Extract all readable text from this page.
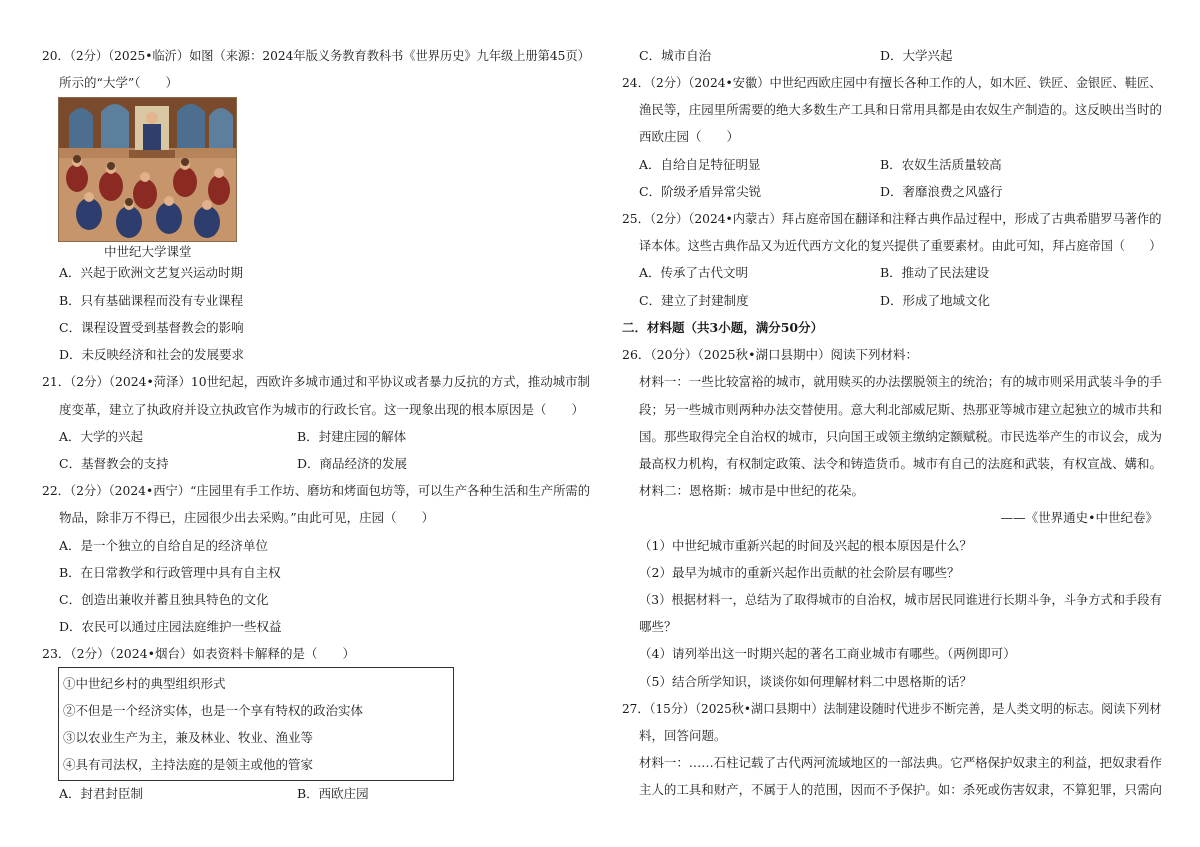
20．（2分）（2025•临沂）如图（来源：2024年版义务教育教科书《世界历史》九年级上册第45页）
所示的“大学”（　　）
中世纪大学课堂
A．兴起于欧洲文艺复兴运动时期
B．只有基础课程而没有专业课程
C．课程设置受到基督教会的影响
D．未反映经济和社会的发展要求
21．（2分）（2024•菏泽）10世纪起，西欧许多城市通过和平协议或者暴力反抗的方式，推动城市制
度变革，建立了执政府并设立执政官作为城市的行政长官。这一现象出现的根本原因是（　　）
A．大学的兴起	B．封建庄园的解体
C．基督教会的支持	D．商品经济的发展
22．（2分）（2024•西宁）“庄园里有手工作坊、磨坊和烤面包坊等，可以生产各种生活和生产所需的
物品，除非万不得已，庄园很少出去采购。”由此可见，庄园（　　）
A．是一个独立的自给自足的经济单位
B．在日常教学和行政管理中具有自主权
C．创造出兼收并蓄且独具特色的文化
D．农民可以通过庄园法庭维护一些权益
23．（2分）（2024•烟台）如表资料卡解释的是（　　）
①中世纪乡村的典型组织形式
②不但是一个经济实体，也是一个享有特权的政治实体
③以农业生产为主，兼及林业、牧业、渔业等
④具有司法权，主持法庭的是领主或他的管家
A．封君封臣制	B．西欧庄园
C．城市自治	D．大学兴起
24．（2分）（2024•安徽）中世纪西欧庄园中有擅长各种工作的人，如木匠、铁匠、金银匠、鞋匠、
渔民等，庄园里所需要的绝大多数生产工具和日常用具都是由农奴生产制造的。这反映出当时的
西欧庄园（　　）
A．自给自足特征明显	B．农奴生活质量较高
C．阶级矛盾异常尖锐	D．奢靡浪费之风盛行
25．（2分）（2024•内蒙古）拜占庭帝国在翻译和注释古典作品过程中，形成了古典希腊罗马著作的
译本体。这些古典作品又为近代西方文化的复兴提供了重要素材。由此可知，拜占庭帝国（　　）
A．传承了古代文明	B．推动了民法建设
C．建立了封建制度	D．形成了地域文化
二．材料题（共3小题，满分50分）
26．（20分）（2025秋•湖口县期中）阅读下列材料：
材料一：一些比较富裕的城市，就用赎买的办法摆脱领主的统治；有的城市则采用武装斗争的手
段；另一些城市则两种办法交替使用。意大利北部威尼斯、热那亚等城市建立起独立的城市共和
国。那些取得完全自治权的城市，只向国王或领主缴纳定额赋税。市民选举产生的市议会，成为
最高权力机构，有权制定政策、法令和铸造货币。城市有自己的法庭和武装，有权宣战、媾和。
材料二：恩格斯：城市是中世纪的花朵。
——《世界通史•中世纪卷》
（1）中世纪城市重新兴起的时间及兴起的根本原因是什么？
（2）最早为城市的重新兴起作出贡献的社会阶层有哪些？
（3）根据材料一，总结为了取得城市的自治权，城市居民同谁进行长期斗争，斗争方式和手段有
哪些？
（4）请列举出这一时期兴起的著名工商业城市有哪些。（两例即可）
（5）结合所学知识，谈谈你如何理解材料二中恩格斯的话？
27．（15分）（2025秋•湖口县期中）法制建设随时代进步不断完善，是人类文明的标志。阅读下列材
料，回答问题。
材料一：……石柱记载了古代两河流域地区的一部法典。它严格保护奴隶主的利益，把奴隶看作
主人的工具和财产，不属于人的范围，因而不予保护。如：杀死或伤害奴隶，不算犯罪，只需向
